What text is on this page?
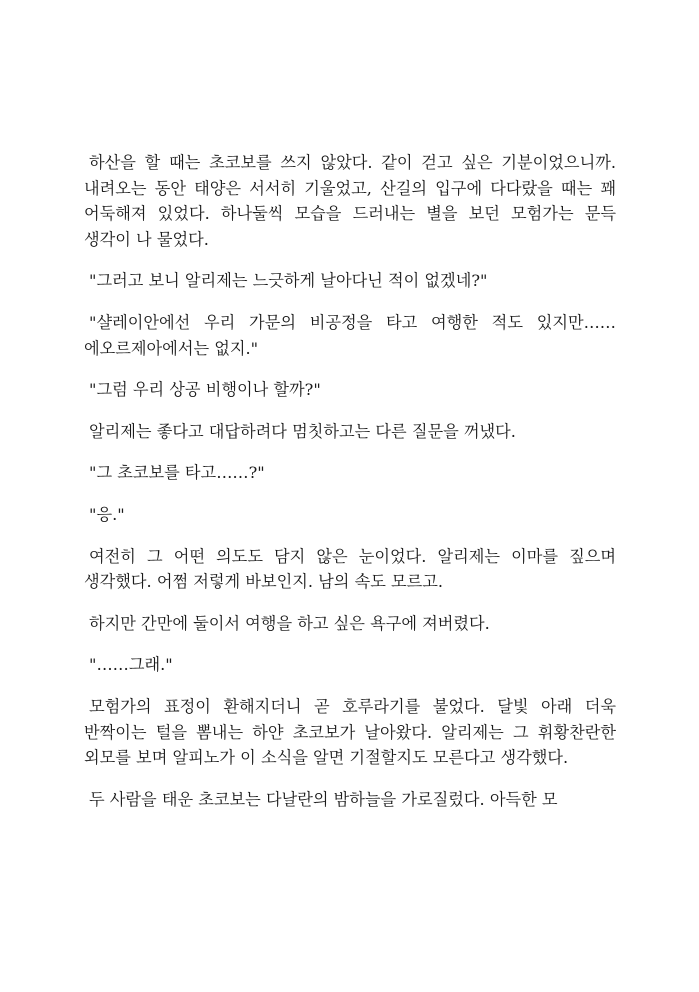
하산을 할 때는 초코보를 쓰지 않았다. 같이 걷고 싶은 기분이었으니까. 내려오는 동안 태양은 서서히 기울었고, 산길의 입구에 다다랐을 때는 꽤 어둑해져 있었다. 하나둘씩 모습을 드러내는 별을 보던 모험가는 문득 생각이 나 물었다.

"그러고 보니 알리제는 느긋하게 날아다닌 적이 없겠네?"

"샬레이안에선 우리 가문의 비공정을 타고 여행한 적도 있지만…… 에오르제아에서는 없지."

"그럼 우리 상공 비행이나 할까?"

알리제는 좋다고 대답하려다 멈칫하고는 다른 질문을 꺼냈다.

"그 초코보를 타고……?"

"응."

여전히 그 어떤 의도도 담지 않은 눈이었다. 알리제는 이마를 짚으며 생각했다. 어쩜 저렇게 바보인지. 남의 속도 모르고.

하지만 간만에 둘이서 여행을 하고 싶은 욕구에 져버렸다.

"……그래."

모험가의 표정이 환해지더니 곧 호루라기를 불었다. 달빛 아래 더욱 반짝이는 털을 뽐내는 하얀 초코보가 날아왔다. 알리제는 그 휘황찬란한 외모를 보며 알피노가 이 소식을 알면 기절할지도 모른다고 생각했다.

두 사람을 태운 초코보는 다날란의 밤하늘을 가로질렀다. 아득한 모
